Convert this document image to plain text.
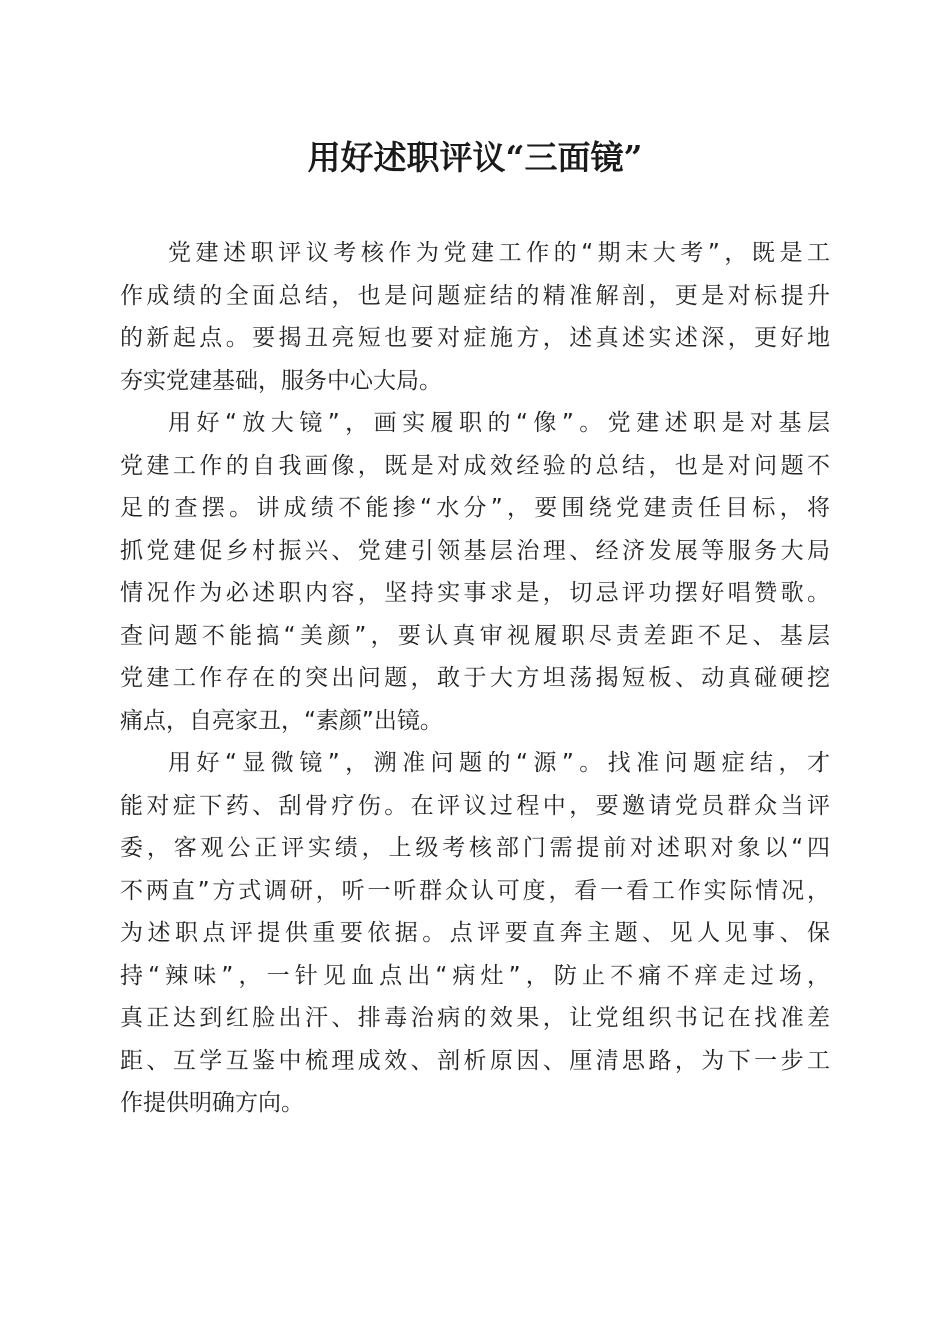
用好述职评议“三面镜”
党建述职评议考核作为党建工作的“期末大考”，既是工
作成绩的全面总结，也是问题症结的精准解剖，更是对标提升
的新起点。要揭丑亮短也要对症施方，述真述实述深，更好地
夯实党建基础，服务中心大局。
用好“放大镜”，画实履职的“像”。党建述职是对基层
党建工作的自我画像，既是对成效经验的总结，也是对问题不
足的查摆。讲成绩不能掺“水分”，要围绕党建责任目标，将
抓党建促乡村振兴、党建引领基层治理、经济发展等服务大局
情况作为必述职内容，坚持实事求是，切忌评功摆好唱赞歌。
查问题不能搞“美颜”，要认真审视履职尽责差距不足、基层
党建工作存在的突出问题，敢于大方坦荡揭短板、动真碰硬挖
痛点，自亮家丑，“素颜”出镜。
用好“显微镜”，溯准问题的“源”。找准问题症结，才
能对症下药、刮骨疗伤。在评议过程中，要邀请党员群众当评
委，客观公正评实绩，上级考核部门需提前对述职对象以“四
不两直”方式调研，听一听群众认可度，看一看工作实际情况，
为述职点评提供重要依据。点评要直奔主题、见人见事、保
持“辣味”，一针见血点出“病灶”，防止不痛不痒走过场，
真正达到红脸出汗、排毒治病的效果，让党组织书记在找准差
距、互学互鉴中梳理成效、剖析原因、厘清思路，为下一步工
作提供明确方向。
